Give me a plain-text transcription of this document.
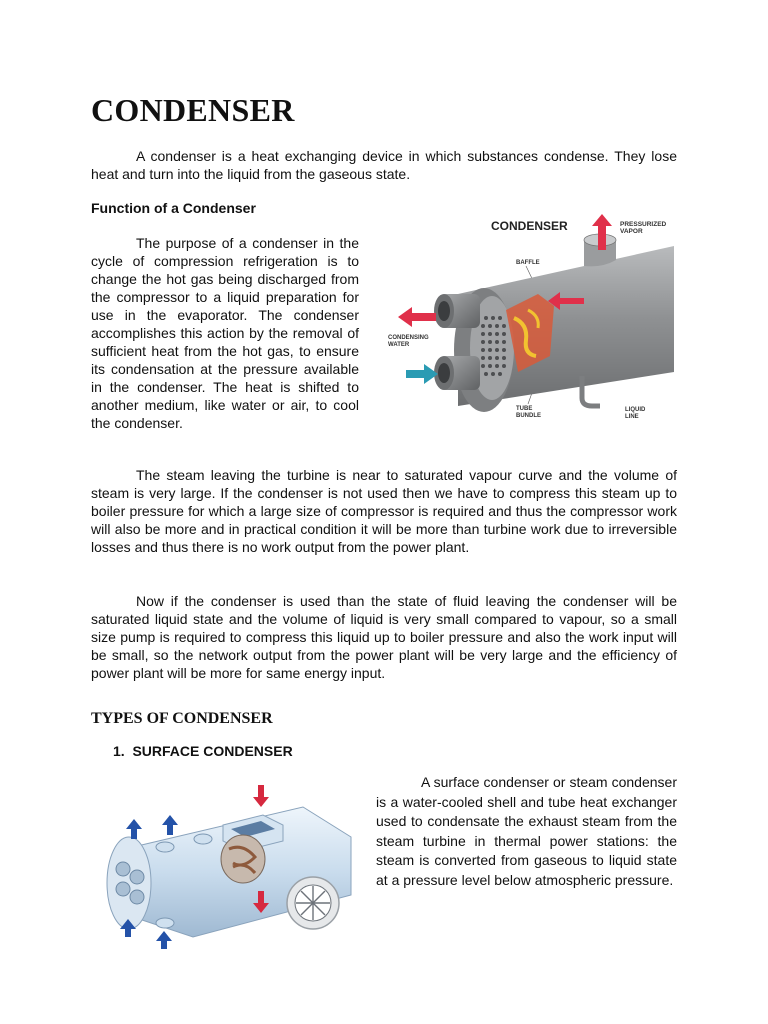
CONDENSER

A condenser is a heat exchanging device in which substances condense. They lose heat and turn into the liquid from the gaseous state.

Function of a Condenser

The purpose of a condenser in the cycle of compression refrigeration is to change the hot gas being discharged from the compressor to a liquid preparation for use in the evaporator. The condenser accomplishes this action by the removal of sufficient heat from the hot gas, to ensure its condensation at the pressure available in the condenser. The heat is shifted to another medium, like water or air, to cool the condenser.

CONDENSER	PRESSURIZED
VAPOR
BAFFLE
CONDENSING
WATER
TUBE
BUNDLE
LIQUID
LINE

The steam leaving the turbine is near to saturated vapour curve and the volume of steam is very large. If the condenser is not used then we have to compress this steam up to boiler pressure for which a large size of compressor is required and thus the compressor work will also be more and in practical condition it will be more than turbine work due to irreversible losses and thus there is no work output from the power plant.

Now if the condenser is used than the state of fluid leaving the condenser will be saturated liquid state and the volume of liquid is very small compared to vapour, so a small size pump is required to compress this liquid up to boiler pressure and also the work input will be small, so the network output from the power plant will be very large and the efficiency of power plant will be more for same energy input.

TYPES OF CONDENSER
1.  SURFACE CONDENSER

A surface condenser or steam condenser is a water-cooled shell and tube heat exchanger used to condensate the exhaust steam from the steam turbine in thermal power stations: the steam is converted from gaseous to liquid state at a pressure level below atmospheric pressure.
